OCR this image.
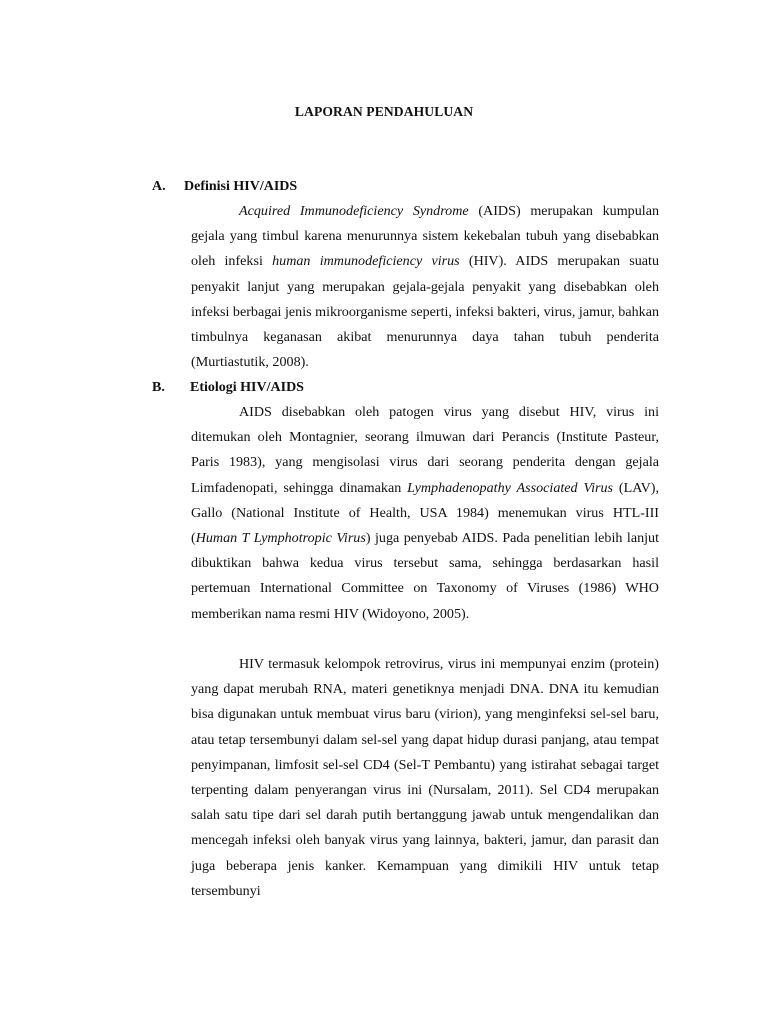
LAPORAN PENDAHULUAN
A. Definisi HIV/AIDS

Acquired Immunodeficiency Syndrome (AIDS) merupakan kumpulan gejala yang timbul karena menurunnya sistem kekebalan tubuh yang disebabkan oleh infeksi human immunodeficiency virus (HIV). AIDS merupakan suatu penyakit lanjut yang merupakan gejala-gejala penyakit yang disebabkan oleh infeksi berbagai jenis mikroorganisme seperti, infeksi bakteri, virus, jamur, bahkan timbulnya keganasan akibat menurunnya daya tahan tubuh penderita (Murtiastutik, 2008).

B. Etiologi HIV/AIDS

AIDS disebabkan oleh patogen virus yang disebut HIV, virus ini ditemukan oleh Montagnier, seorang ilmuwan dari Perancis (Institute Pasteur, Paris 1983), yang mengisolasi virus dari seorang penderita dengan gejala Limfadenopati, sehingga dinamakan Lymphadenopathy Associated Virus (LAV), Gallo (National Institute of Health, USA 1984) menemukan virus HTL-III (Human T Lymphotropic Virus) juga penyebab AIDS. Pada penelitian lebih lanjut dibuktikan bahwa kedua virus tersebut sama, sehingga berdasarkan hasil pertemuan International Committee on Taxonomy of Viruses (1986) WHO memberikan nama resmi HIV (Widoyono, 2005).

HIV termasuk kelompok retrovirus, virus ini mempunyai enzim (protein) yang dapat merubah RNA, materi genetiknya menjadi DNA. DNA itu kemudian bisa digunakan untuk membuat virus baru (virion), yang menginfeksi sel-sel baru, atau tetap tersembunyi dalam sel-sel yang dapat hidup durasi panjang, atau tempat penyimpanan, limfosit sel-sel CD4 (Sel-T Pembantu) yang istirahat sebagai target terpenting dalam penyerangan virus ini (Nursalam, 2011). Sel CD4 merupakan salah satu tipe dari sel darah putih bertanggung jawab untuk mengendalikan dan mencegah infeksi oleh banyak virus yang lainnya, bakteri, jamur, dan parasit dan juga beberapa jenis kanker. Kemampuan yang dimikili HIV untuk tetap tersembunyi
